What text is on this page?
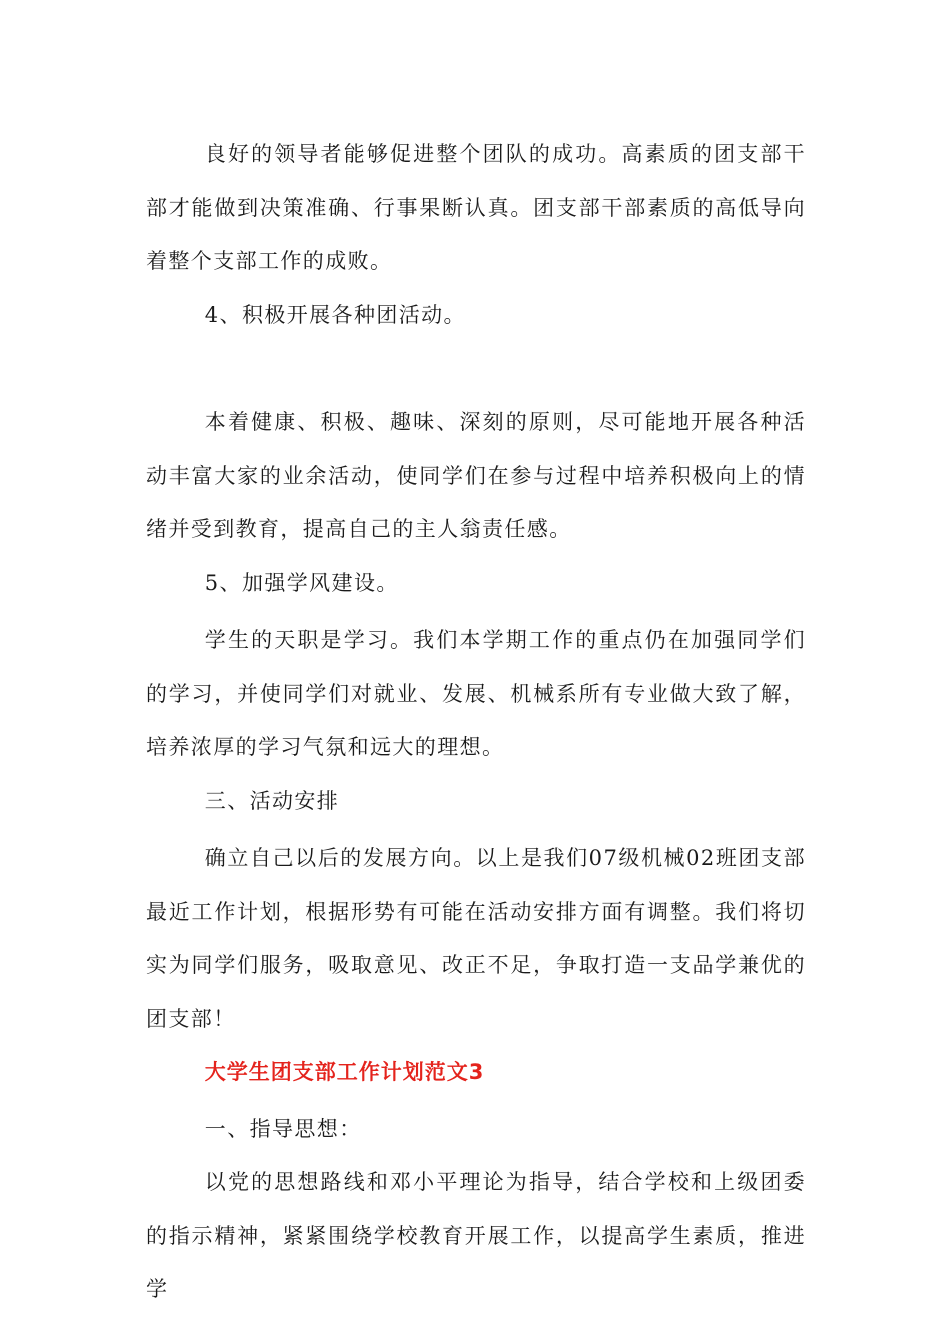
良好的领导者能够促进整个团队的成功。高素质的团支部干部才能做到决策准确、行事果断认真。团支部干部素质的高低导向着整个支部工作的成败。

4、积极开展各种团活动。

本着健康、积极、趣味、深刻的原则，尽可能地开展各种活动丰富大家的业余活动，使同学们在参与过程中培养积极向上的情绪并受到教育，提高自己的主人翁责任感。

5、加强学风建设。

学生的天职是学习。我们本学期工作的重点仍在加强同学们的学习，并使同学们对就业、发展、机械系所有专业做大致了解，培养浓厚的学习气氛和远大的理想。

三、活动安排

确立自己以后的发展方向。以上是我们07级机械02班团支部最近工作计划，根据形势有可能在活动安排方面有调整。我们将切实为同学们服务，吸取意见、改正不足，争取打造一支品学兼优的团支部！

大学生团支部工作计划范文3

一、指导思想：

以党的思想路线和邓小平理论为指导，结合学校和上级团委的指示精神，紧紧围绕学校教育开展工作，以提高学生素质，推进学
